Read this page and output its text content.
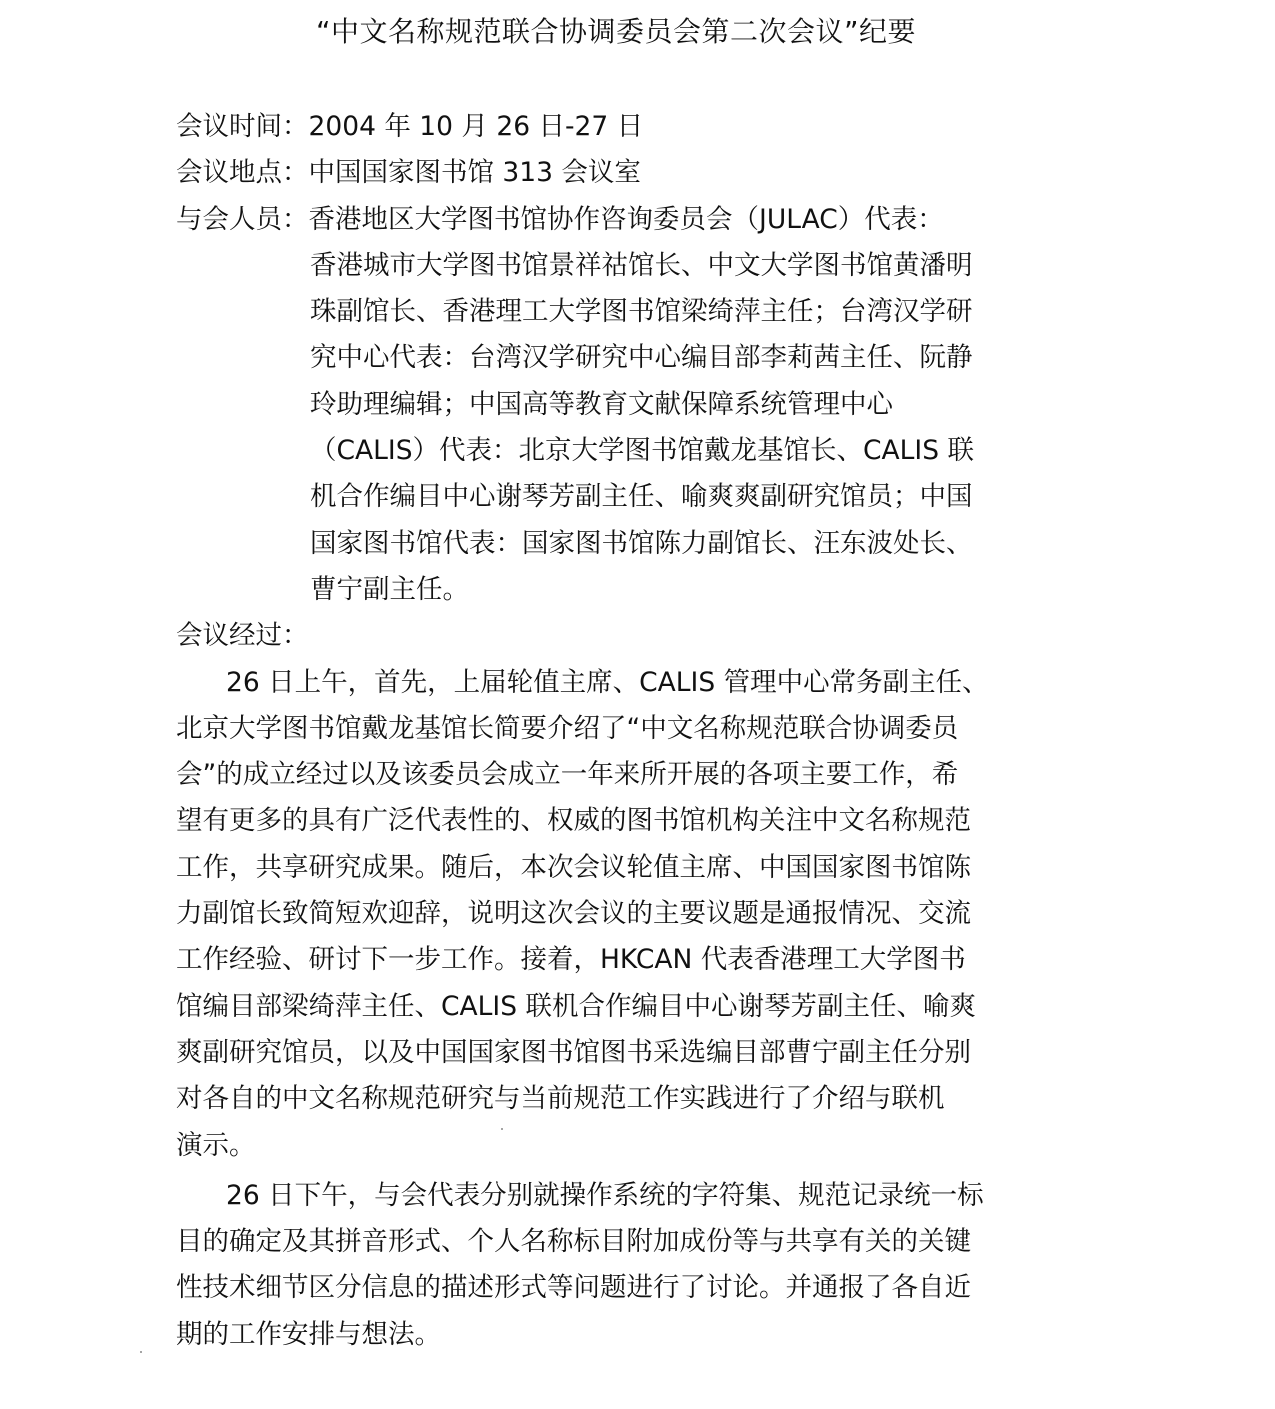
“中文名称规范联合协调委员会第二次会议”纪要
会议时间 ： 2004 年 10 月 26 日-27 日
会议地点 ： 中国国家图书馆 313 会议室
与会人员 ： 香港地区大学图书馆协作咨询委员会（JULAC）代表：
香港城市大学图书馆景祥祜馆长、中文大学图书馆黄潘明
珠副馆长、香港理工大学图书馆梁绮萍主任；台湾汉学研
究中心代表：台湾汉学研究中心编目部李莉茜主任、阮静
玲助理编辑；中国高等教育文献保障系统管理中心
（CALIS）代表：北京大学图书馆戴龙基馆长、CALIS 联
机合作编目中心谢琴芳副主任、喻爽爽副研究馆员；中国
国家图书馆代表：国家图书馆陈力副馆长、汪东波处长、
曹宁副主任。
会议经过：
26 日上午，首先，上届轮值主席、CALIS 管理中心常务副主任、
北京大学图书馆戴龙基馆长简要介绍了“中文名称规范联合协调委员
会”的成立经过以及该委员会成立一年来所开展的各项主要工作，希
望有更多的具有广泛代表性的、权威的图书馆机构关注中文名称规范
工作，共享研究成果。随后，本次会议轮值主席、中国国家图书馆陈
力副馆长致简短欢迎辞，说明这次会议的主要议题是通报情况、交流
工作经验、研讨下一步工作。接着，HKCAN 代表香港理工大学图书
馆编目部梁绮萍主任、CALIS 联机合作编目中心谢琴芳副主任、喻爽
爽副研究馆员，以及中国国家图书馆图书采选编目部曹宁副主任分别
对各自的中文名称规范研究与当前规范工作实践进行了介绍与联机
演示。
26 日下午，与会代表分别就操作系统的字符集、规范记录统一标
目的确定及其拼音形式、个人名称标目附加成份等与共享有关的关键
性技术细节区分信息的描述形式等问题进行了讨论。并通报了各自近
期的工作安排与想法。
